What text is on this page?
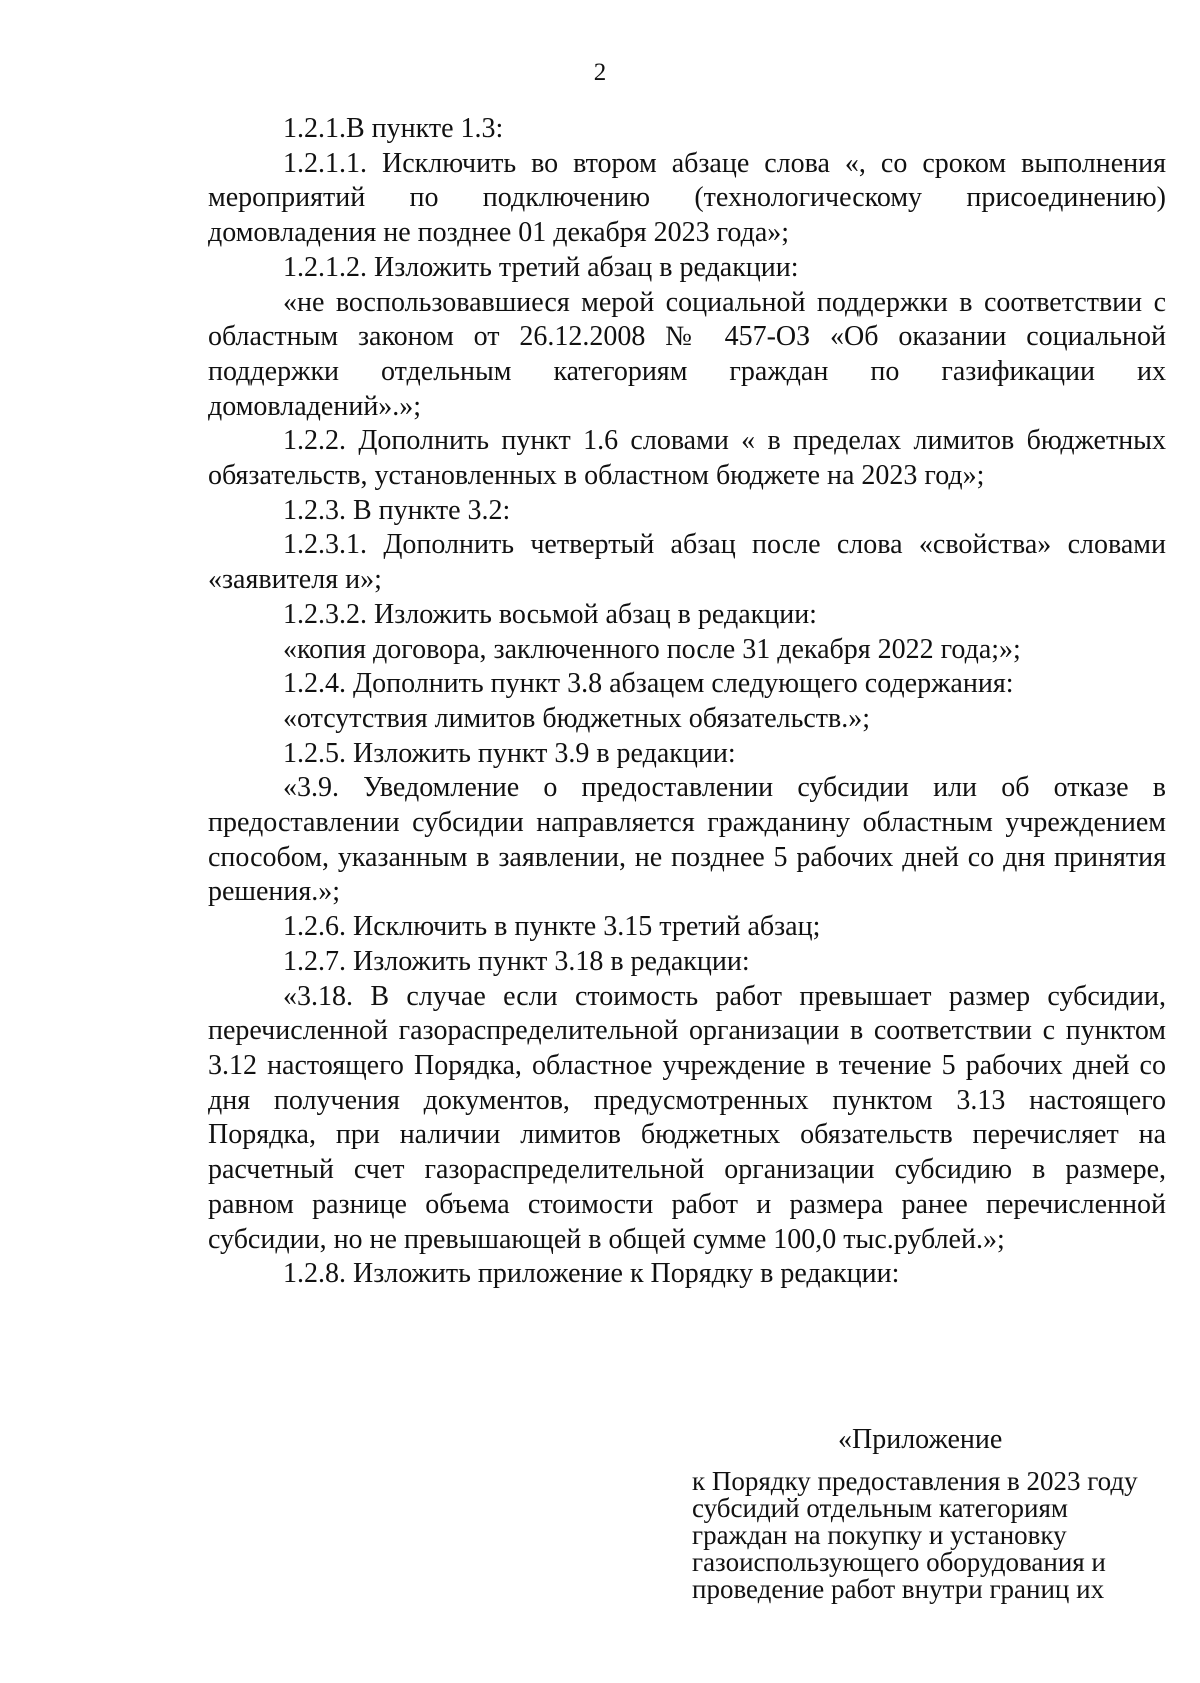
2

1.2.1.В пункте 1.3:

1.2.1.1. Исключить во втором абзаце слова «, со сроком выполнения мероприятий по подключению (технологическому присоединению) домовладения не позднее 01 декабря 2023 года»;

1.2.1.2. Изложить третий абзац в редакции:

«не воспользовавшиеся мерой социальной поддержки в соответствии с областным законом от 26.12.2008 № 457-ОЗ «Об оказании социальной поддержки отдельным категориям граждан по газификации их домовладений».»;

1.2.2. Дополнить пункт 1.6 словами « в пределах лимитов бюджетных обязательств, установленных в областном бюджете на 2023 год»;

1.2.3. В пункте 3.2:

1.2.3.1. Дополнить четвертый абзац после слова «свойства» словами «заявителя и»;

1.2.3.2. Изложить восьмой абзац в редакции:

«копия договора, заключенного после 31 декабря 2022 года;»;

1.2.4. Дополнить пункт 3.8 абзацем следующего содержания:

«отсутствия лимитов бюджетных обязательств.»;

1.2.5. Изложить пункт 3.9 в редакции:

«3.9. Уведомление о предоставлении субсидии или об отказе в предоставлении субсидии направляется гражданину областным учреждением способом, указанным в заявлении, не позднее 5 рабочих дней со дня принятия решения.»;

1.2.6. Исключить в пункте 3.15 третий абзац;

1.2.7. Изложить пункт 3.18 в редакции:

«3.18. В случае если стоимость работ превышает размер субсидии, перечисленной газораспределительной организации в соответствии с пунктом 3.12 настоящего Порядка, областное учреждение в течение 5 рабочих дней со дня получения документов, предусмотренных пунктом 3.13 настоящего Порядка, при наличии лимитов бюджетных обязательств перечисляет на расчетный счет газораспределительной организации субсидию в размере, равном разнице объема стоимости работ и размера ранее перечисленной субсидии, но не превышающей в общей сумме 100,0 тыс.рублей.»;

1.2.8. Изложить приложение к Порядку в редакции:

«Приложение
к Порядку предоставления в 2023 году
субсидий отдельным категориям
граждан на покупку и установку
газоиспользующего оборудования и
проведение работ внутри границ их
